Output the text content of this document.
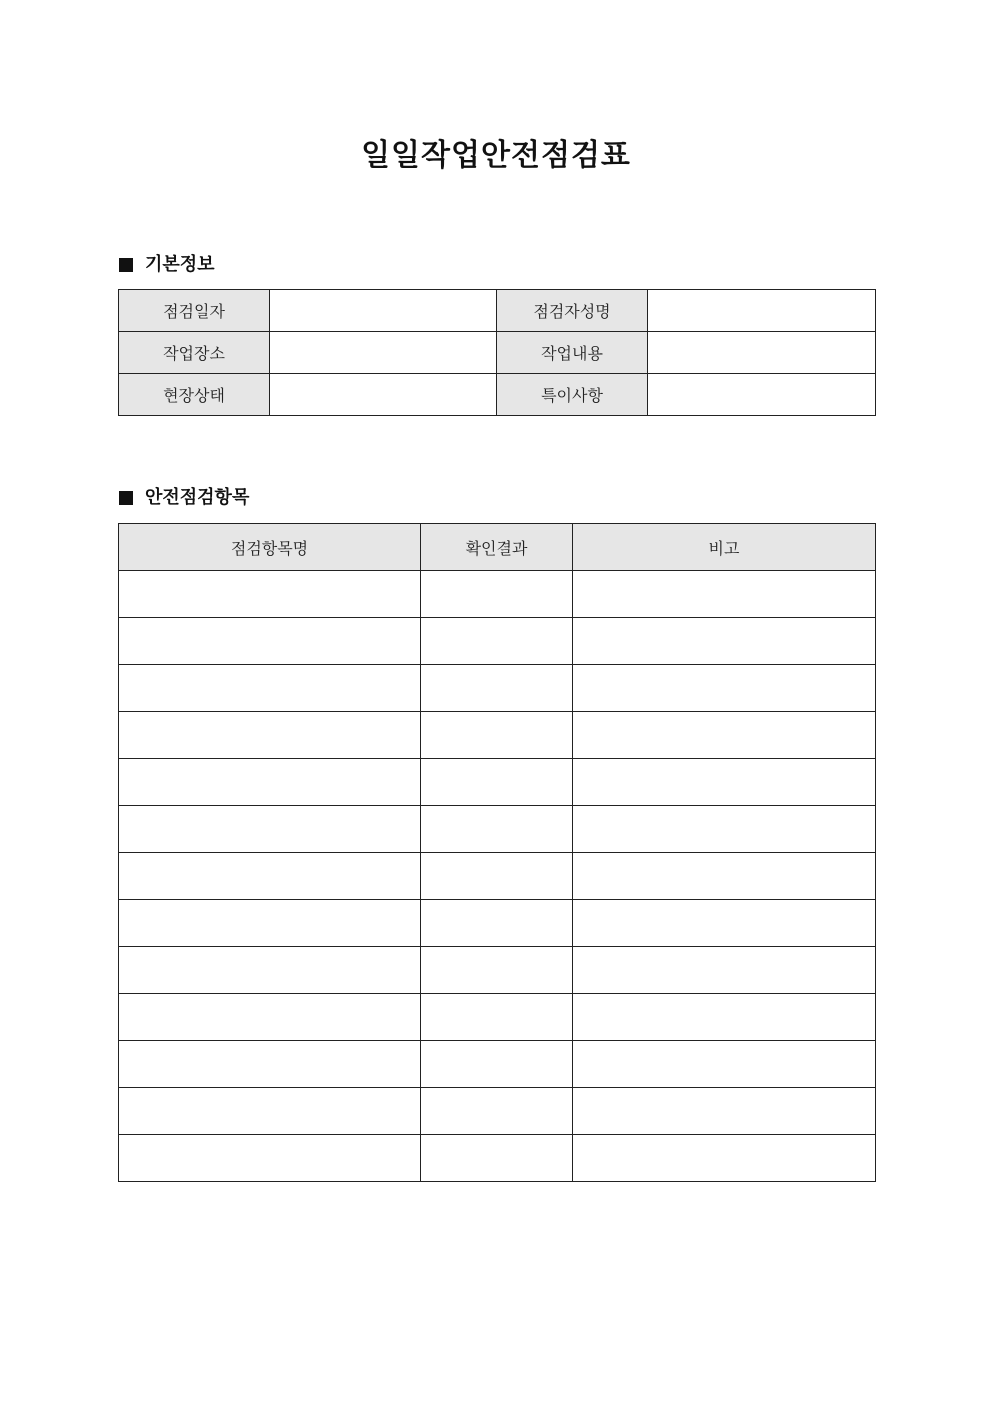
일일작업안전점검표
기본정보
점검일자		점검자성명	
작업장소		작업내용	
현장상태		특이사항	
안전점검항목
점검항목명	확인결과	비고
